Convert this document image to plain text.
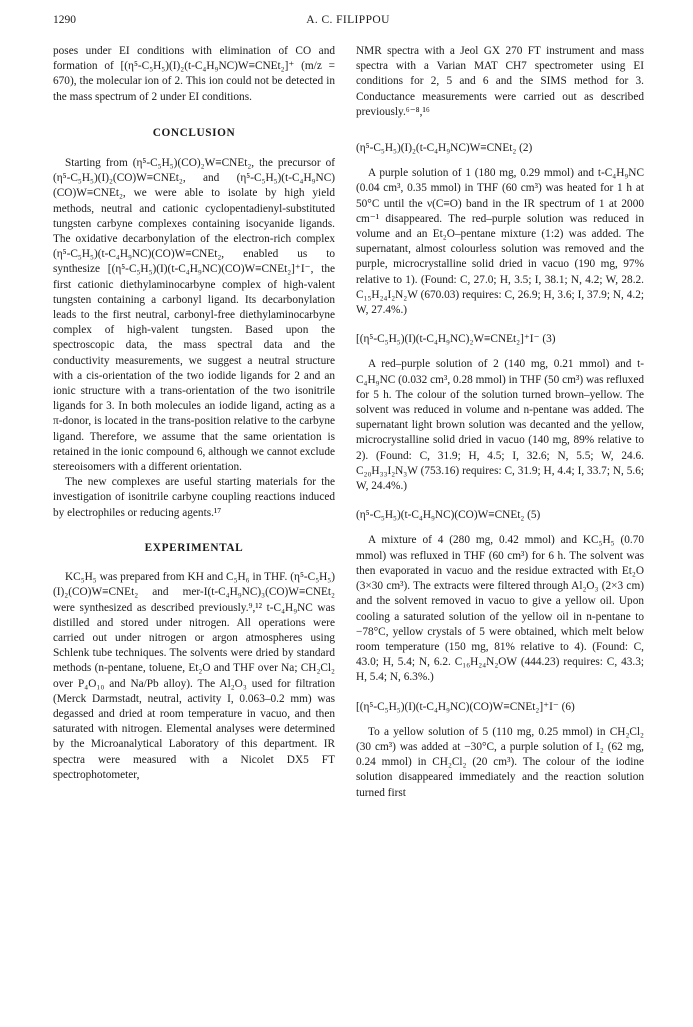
1290	A. C. FILIPPOU

poses under EI conditions with elimination of CO and formation of [(η⁵-C₅H₅)(I)₂(t-C₄H₉NC)W≡CNEt₂]⁺ (m/z = 670), the molecular ion of 2. This ion could not be detected in the mass spectrum of 2 under EI conditions.

CONCLUSION

Starting from (η⁵-C₅H₅)(CO)₂W≡CNEt₂, the precursor of (η⁵-C₅H₅)(I)₂(CO)W≡CNEt₂, and (η⁵-C₅H₅)(t-C₄H₉NC)(CO)W≡CNEt₂, we were able to isolate by high yield methods, neutral and cationic cyclopentadienyl-substituted tungsten carbyne complexes containing isocyanide ligands. The oxidative decarbonylation of the electron-rich complex (η⁵-C₅H₅)(t-C₄H₉NC)(CO)W≡CNEt₂, enabled us to synthesize [(η⁵-C₅H₅)(I)(t-C₄H₉NC)(CO)W≡CNEt₂]⁺I⁻, the first cationic diethylaminocarbyne complex of high-valent tungsten containing a carbonyl ligand. Its decarbonylation leads to the first neutral, carbonyl-free diethylaminocarbyne complex of high-valent tungsten. Based upon the spectroscopic data, the mass spectral data and the conductivity measurements, we suggest a neutral structure with a cis-orientation of the two iodide ligands for 2 and an ionic structure with a trans-orientation of the two isonitrile ligands for 3. In both molecules an iodide ligand, acting as a π-donor, is located in the trans-position relative to the carbyne ligand. Therefore, we assume that the same orientation is retained in the ionic compound 6, although we cannot exclude stereoisomers with a different orientation.

The new complexes are useful starting materials for the investigation of isonitrile carbyne coupling reactions induced by electrophiles or reducing agents.¹⁷

EXPERIMENTAL

KC₅H₅ was prepared from KH and C₅H₆ in THF. (η⁵-C₅H₅)(I)₂(CO)W≡CNEt₂ and mer-I(t-C₄H₉NC)₃(CO)W≡CNEt₂ were synthesized as described previously.⁹,¹² t-C₄H₉NC was distilled and stored under nitrogen. All operations were carried out under nitrogen or argon atmospheres using Schlenk tube techniques. The solvents were dried by standard methods (n-pentane, toluene, Et₂O and THF over Na; CH₂Cl₂ over P₄O₁₀ and Na/Pb alloy). The Al₂O₃ used for filtration (Merck Darmstadt, neutral, activity I, 0.063–0.2 mm) was degassed and dried at room temperature in vacuo, and then saturated with nitrogen. Elemental analyses were determined by the Microanalytical Laboratory of this department. IR spectra were measured with a Nicolet DX5 FT spectrophotometer,

NMR spectra with a Jeol GX 270 FT instrument and mass spectra with a Varian MAT CH7 spectrometer using EI conditions for 2, 5 and 6 and the SIMS method for 3. Conductance measurements were carried out as described previously.⁶⁻⁸,¹⁶

(η⁵-C₅H₅)(I)₂(t-C₄H₉NC)W≡CNEt₂ (2)

A purple solution of 1 (180 mg, 0.29 mmol) and t-C₄H₉NC (0.04 cm³, 0.35 mmol) in THF (60 cm³) was heated for 1 h at 50°C until the ν(C≡O) band in the IR spectrum of 1 at 2000 cm⁻¹ disappeared. The red–purple solution was reduced in volume and an Et₂O–pentane mixture (1:2) was added. The supernatant, almost colourless solution was removed and the purple, microcrystalline solid dried in vacuo (190 mg, 97% relative to 1). (Found: C, 27.0; H, 3.5; I, 38.1; N, 4.2; W, 28.2. C₁₅H₂₄I₂N₂W (670.03) requires: C, 26.9; H, 3.6; I, 37.9; N, 4.2; W, 27.4%.)

[(η⁵-C₅H₅)(I)(t-C₄H₉NC)₂W≡CNEt₂]⁺I⁻ (3)

A red–purple solution of 2 (140 mg, 0.21 mmol) and t-C₄H₉NC (0.032 cm³, 0.28 mmol) in THF (50 cm³) was refluxed for 5 h. The colour of the solution turned brown–yellow. The solvent was reduced in volume and n-pentane was added. The supernatant light brown solution was decanted and the yellow, microcrystalline solid dried in vacuo (140 mg, 89% relative to 2). (Found: C, 31.9; H, 4.5; I, 32.6; N, 5.5; W, 24.6. C₂₀H₃₃I₂N₃W (753.16) requires: C, 31.9; H, 4.4; I, 33.7; N, 5.6; W, 24.4%.)

(η⁵-C₅H₅)(t-C₄H₉NC)(CO)W≡CNEt₂ (5)

A mixture of 4 (280 mg, 0.42 mmol) and KC₅H₅ (0.70 mmol) was refluxed in THF (60 cm³) for 6 h. The solvent was then evaporated in vacuo and the residue extracted with Et₂O (3×30 cm³). The extracts were filtered through Al₂O₃ (2×3 cm) and the solvent removed in vacuo to give a yellow oil. Upon cooling a saturated solution of the yellow oil in n-pentane to −78°C, yellow crystals of 5 were obtained, which melt below room temperature (150 mg, 81% relative to 4). (Found: C, 43.0; H, 5.4; N, 6.2. C₁₆H₂₄N₂OW (444.23) requires: C, 43.3; H, 5.4; N, 6.3%.)

[(η⁵-C₅H₅)(I)(t-C₄H₉NC)(CO)W≡CNEt₂]⁺I⁻ (6)

To a yellow solution of 5 (110 mg, 0.25 mmol) in CH₂Cl₂ (30 cm³) was added at −30°C, a purple solution of I₂ (62 mg, 0.24 mmol) in CH₂Cl₂ (20 cm³). The colour of the iodine solution disappeared immediately and the reaction solution turned first
